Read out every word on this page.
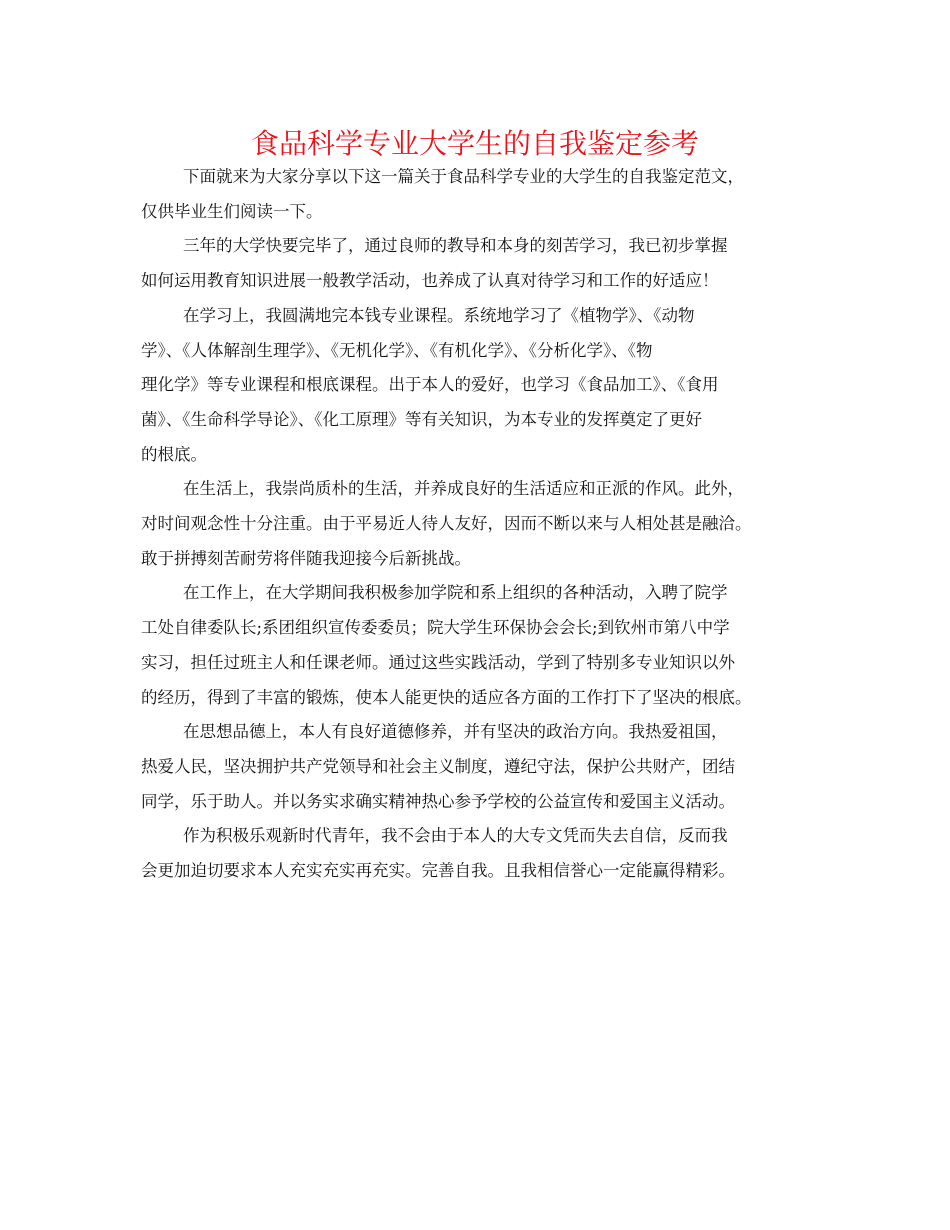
食品科学专业大学生的自我鉴定参考

下面就来为大家分享以下这一篇关于食品科学专业的大学生的自我鉴定范文，
仅供毕业生们阅读一下。

三年的大学快要完毕了，通过良师的教导和本身的刻苦学习，我已初步掌握
如何运用教育知识进展一般教学活动，也养成了认真对待学习和工作的好适应！

在学习上，我圆满地完本钱专业课程。系统地学习了《植物学》、《动物
学》、《人体解剖生理学》、《无机化学》、《有机化学》、《分析化学》、《物
理化学》等专业课程和根底课程。出于本人的爱好，也学习《食品加工》、《食用
菌》、《生命科学导论》、《化工原理》等有关知识，为本专业的发挥奠定了更好
的根底。

在生活上，我崇尚质朴的生活，并养成良好的生活适应和正派的作风。此外，
对时间观念性十分注重。由于平易近人待人友好，因而不断以来与人相处甚是融洽。
敢于拼搏刻苦耐劳将伴随我迎接今后新挑战。

在工作上，在大学期间我积极参加学院和系上组织的各种活动，入聘了院学
工处自律委队长;系团组织宣传委委员；院大学生环保协会会长;到钦州市第八中学
实习，担任过班主人和任课老师。通过这些实践活动，学到了特别多专业知识以外
的经历，得到了丰富的锻炼，使本人能更快的适应各方面的工作打下了坚决的根底。

在思想品德上，本人有良好道德修养，并有坚决的政治方向。我热爱祖国，
热爱人民，坚决拥护共产党领导和社会主义制度，遵纪守法，保护公共财产，团结
同学，乐于助人。并以务实求确实精神热心参予学校的公益宣传和爱国主义活动。

作为积极乐观新时代青年，我不会由于本人的大专文凭而失去自信，反而我
会更加迫切要求本人充实充实再充实。完善自我。且我相信誉心一定能赢得精彩。
